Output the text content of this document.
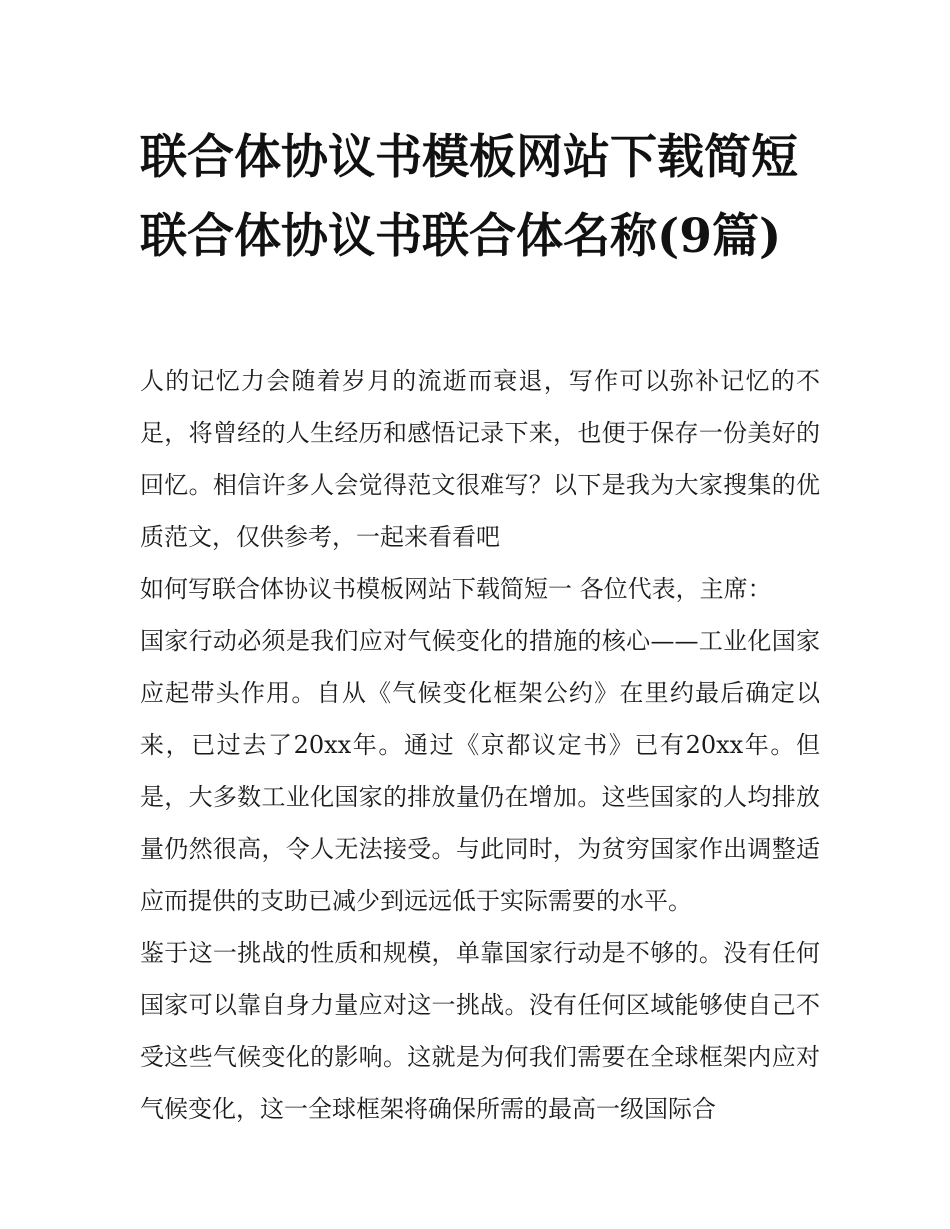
联合体协议书模板网站下载简短 联合体协议书联合体名称(9篇)

人的记忆力会随着岁月的流逝而衰退，写作可以弥补记忆的不足，将曾经的人生经历和感悟记录下来，也便于保存一份美好的回忆。相信许多人会觉得范文很难写？以下是我为大家搜集的优质范文，仅供参考，一起来看看吧

如何写联合体协议书模板网站下载简短一 各位代表，主席：

国家行动必须是我们应对气候变化的措施的核心——工业化国家应起带头作用。自从《气候变化框架公约》在里约最后确定以来，已过去了20xx年。通过《京都议定书》已有20xx年。但是，大多数工业化国家的排放量仍在增加。这些国家的人均排放量仍然很高，令人无法接受。与此同时，为贫穷国家作出调整适应而提供的支助已减少到远远低于实际需要的水平。

鉴于这一挑战的性质和规模，单靠国家行动是不够的。没有任何国家可以靠自身力量应对这一挑战。没有任何区域能够使自己不受这些气候变化的影响。这就是为何我们需要在全球框架内应对气候变化，这一全球框架将确保所需的最高一级国际合
